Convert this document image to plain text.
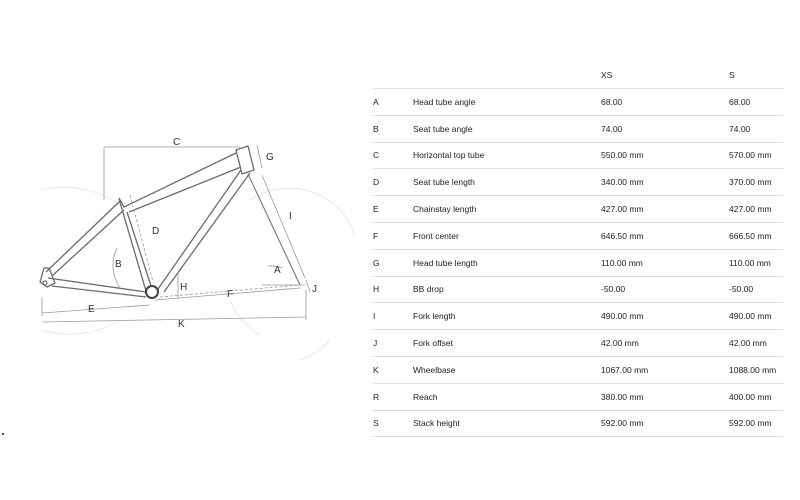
C
D
G
I
B
A
H
F	J
E
K
		XS	S
A	Head tube angle	68.00	68.00
B	Seat tube angle	74.00	74.00
C	Horizontal top tube	550.00 mm	570.00 mm
D	Seat tube length	340.00 mm	370.00 mm
E	Chainstay length	427.00 mm	427.00 mm
F	Front center	646.50 mm	666.50 mm
G	Head tube length	110.00 mm	110.00 mm
H	BB drop	-50.00	-50.00
I	Fork length	490.00 mm	490.00 mm
J	Fork offset	42.00 mm	42.00 mm
K	Wheelbase	1067.00 mm	1088.00 mm
R	Reach	380.00 mm	400.00 mm
S	Stack height	592.00 mm	592.00 mm
